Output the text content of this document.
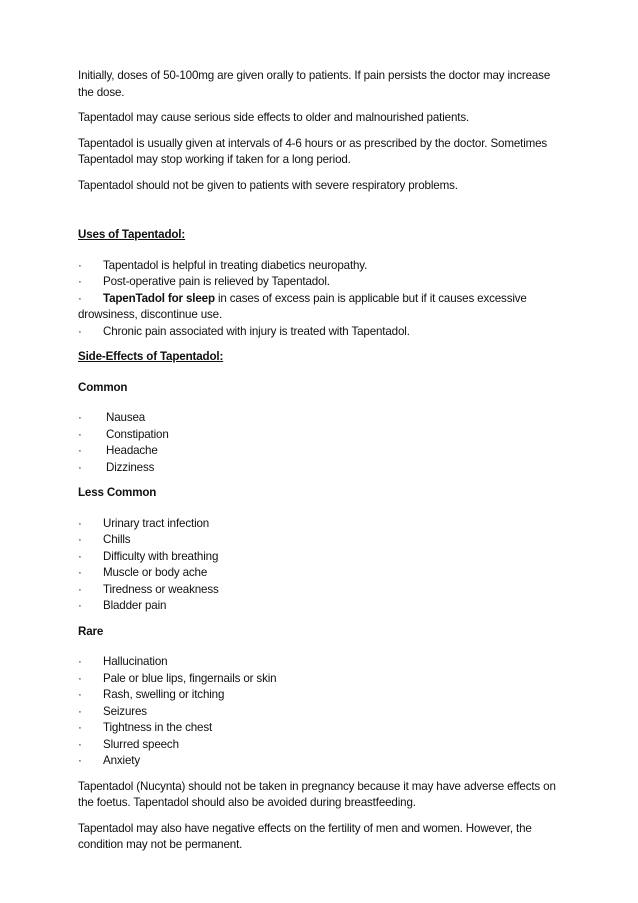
Initially, doses of 50-100mg are given orally to patients. If pain persists the doctor may increase the dose.

Tapentadol may cause serious side effects to older and malnourished patients.

Tapentadol is usually given at intervals of 4-6 hours or as prescribed by the doctor. Sometimes Tapentadol may stop working if taken for a long period.

Tapentadol should not be given to patients with severe respiratory problems.

Uses of Tapentadol:

· Tapentadol is helpful in treating diabetics neuropathy.
· Post-operative pain is relieved by Tapentadol.
· TapenTadol for sleep in cases of excess pain is applicable but if it causes excessive drowsiness, discontinue use.
· Chronic pain associated with injury is treated with Tapentadol.

Side-Effects of Tapentadol:

Common

· Nausea
· Constipation
· Headache
· Dizziness

Less Common

· Urinary tract infection
· Chills
· Difficulty with breathing
· Muscle or body ache
· Tiredness or weakness
· Bladder pain

Rare

· Hallucination
· Pale or blue lips, fingernails or skin
· Rash, swelling or itching
· Seizures
· Tightness in the chest
· Slurred speech
· Anxiety

Tapentadol (Nucynta) should not be taken in pregnancy because it may have adverse effects on the foetus. Tapentadol should also be avoided during breastfeeding.

Tapentadol may also have negative effects on the fertility of men and women. However, the condition may not be permanent.
